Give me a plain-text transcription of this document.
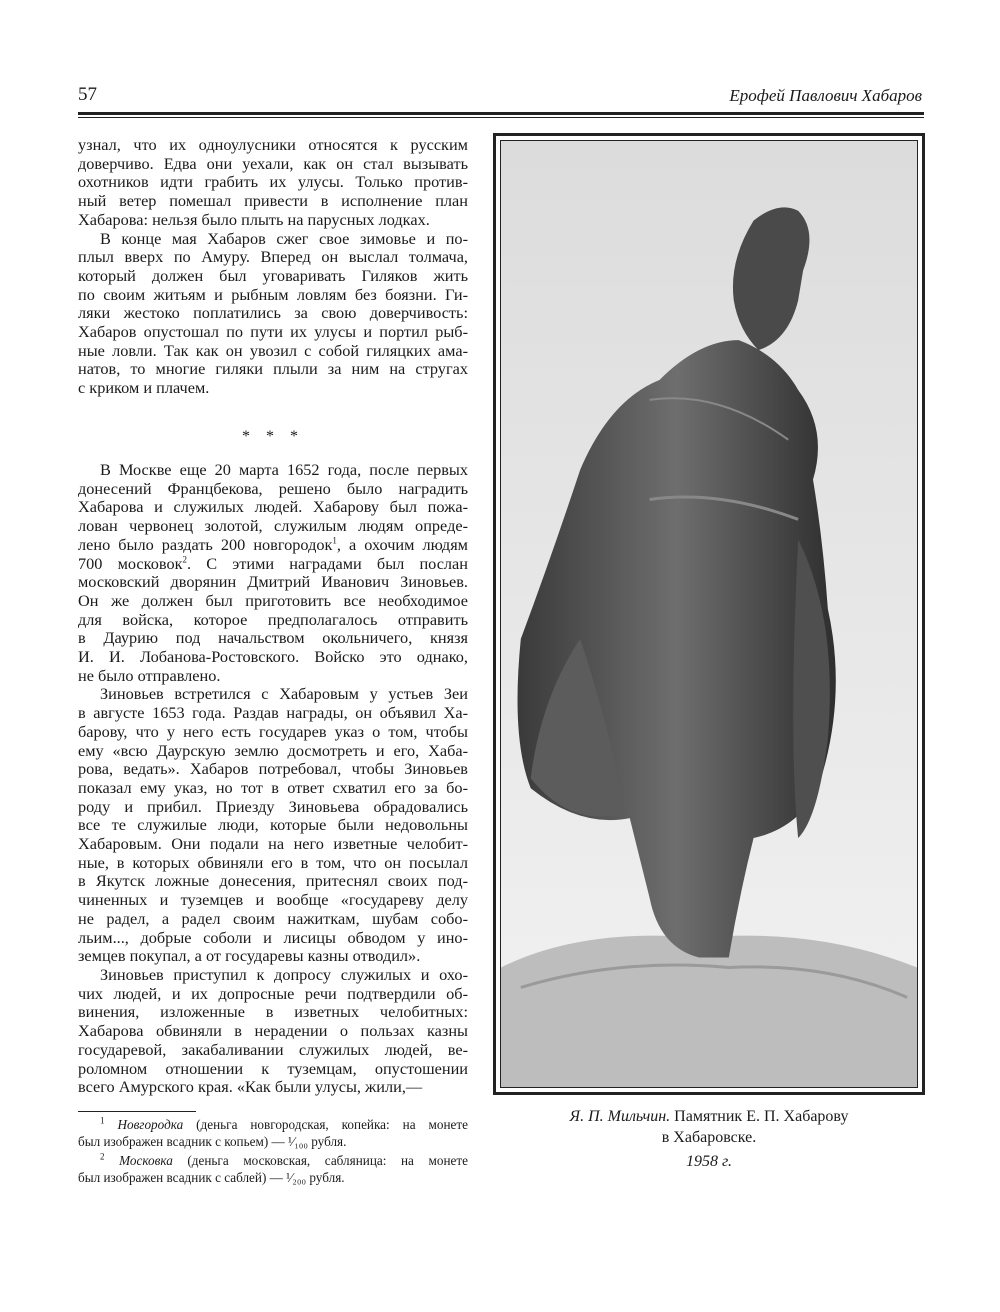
57	Ерофей Павлович Хабаров
узнал, что их одноулусники относятся к русским
доверчиво. Едва они уехали, как он стал вызывать
охотников идти грабить их улусы. Только против-
ный ветер помешал привести в исполнение план
Хабарова: нельзя было плыть на парусных лодках.
В конце мая Хабаров сжег свое зимовье и по-
плыл вверх по Амуру. Вперед он выслал толмача,
который должен был уговаривать Гиляков жить
по своим житьям и рыбным ловлям без боязни. Ги-
ляки жестоко поплатились за свою доверчивость:
Хабаров опустошал по пути их улусы и портил рыб-
ные ловли. Так как он увозил с собой гиляцких ама-
натов, то многие гиляки плыли за ним на стругах
с криком и плачем.
* * *
В Москве еще 20 марта 1652 года, после первых
донесений Францбекова, решено было наградить
Хабарова и служилых людей. Хабарову был пожа-
лован червонец золотой, служилым людям опреде-
лено было раздать 200 новгородок$^1$, а охочим людям
700 московок$^2$. С этими наградами был послан
московский дворянин Дмитрий Иванович Зиновьев.
Он же должен был приготовить все необходимое
для войска, которое предполагалось отправить
в Даурию под начальством окольничего, князя
И. И. Лобанова-Ростовского. Войско это однако,
не было отправлено.
Зиновьев встретился с Хабаровым у устьев Зеи
в августе 1653 года. Раздав награды, он объявил Ха-
барову, что у него есть государев указ о том, чтобы
ему «всю Даурскую землю досмотреть и его, Хаба-
рова, ведать». Хабаров потребовал, чтобы Зиновьев
показал ему указ, но тот в ответ схватил его за бо-
роду и прибил. Приезду Зиновьева обрадовались
все те служилые люди, которые были недовольны
Хабаровым. Они подали на него изветные челобит-
ные, в которых обвиняли его в том, что он посылал
в Якутск ложные донесения, притеснял своих под-
чиненных и туземцев и вообще «государеву делу
не радел, а радел своим нажиткам, шубам собо-
льим..., добрые соболи и лисицы обводом у ино-
земцев покупал, а от государевы казны отводил».
Зиновьев приступил к допросу служилых и охо-
чих людей, и их допросные речи подтвердили об-
винения, изложенные в изветных челобитных:
Хабарова обвиняли в нерадении о пользах казны
государевой, закабаливании служилых людей, ве-
роломном отношении к туземцам, опустошении
всего Амурского края. «Как были улусы, жили,—
$^1$ Новгородка (деньга новгородская, копейка: на монете
был изображен всадник с копьем) — ¹⁄₁₀₀ рубля.
$^2$ Московка (деньга московская, сабляница: на монете
был изображен всадник с саблей) — ¹⁄₂₀₀ рубля.
Я. П. Мильчин. Памятник Е. П. Хабарову
в Хабаровске.
1958 г.
